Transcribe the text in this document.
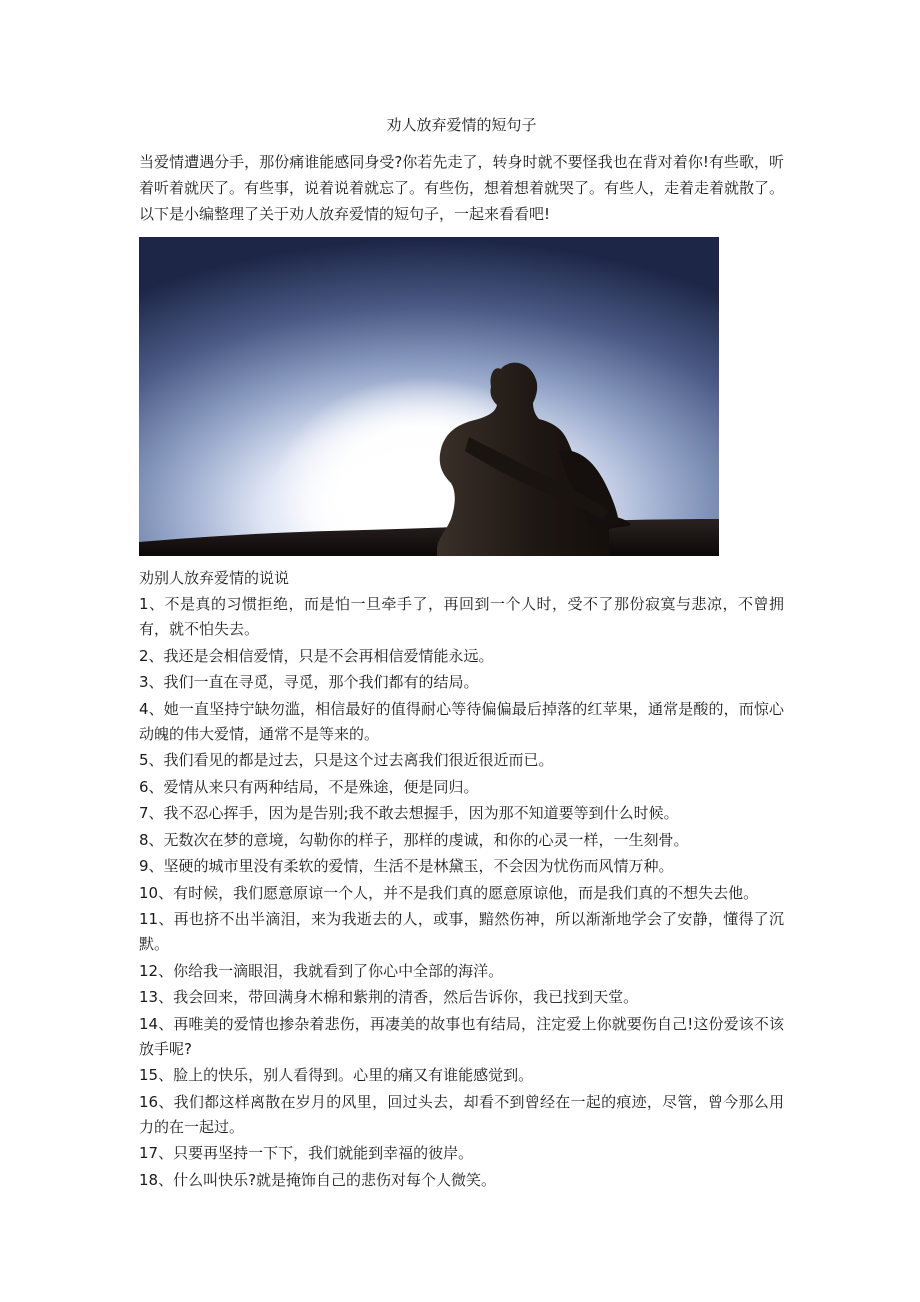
劝人放弃爱情的短句子

当爱情遭遇分手，那份痛谁能感同身受?你若先走了，转身时就不要怪我也在背对着你!有些歌，听着听着就厌了。有些事，说着说着就忘了。有些伤，想着想着就哭了。有些人，走着走着就散了。以下是小编整理了关于劝人放弃爱情的短句子，一起来看看吧!

劝别人放弃爱情的说说
1、不是真的习惯拒绝，而是怕一旦牵手了，再回到一个人时，受不了那份寂寞与悲凉，不曾拥有，就不怕失去。
2、我还是会相信爱情，只是不会再相信爱情能永远。
3、我们一直在寻觅，寻觅，那个我们都有的结局。
4、她一直坚持宁缺勿滥，相信最好的值得耐心等待偏偏最后掉落的红苹果，通常是酸的，而惊心动魄的伟大爱情，通常不是等来的。
5、我们看见的都是过去，只是这个过去离我们很近很近而已。
6、爱情从来只有两种结局，不是殊途，便是同归。
7、我不忍心挥手，因为是告别;我不敢去想握手，因为那不知道要等到什么时候。
8、无数次在梦的意境，勾勒你的样子，那样的虔诚，和你的心灵一样，一生刻骨。
9、坚硬的城市里没有柔软的爱情，生活不是林黛玉，不会因为忧伤而风情万种。
10、有时候，我们愿意原谅一个人，并不是我们真的愿意原谅他，而是我们真的不想失去他。
11、再也挤不出半滴泪，来为我逝去的人，或事，黯然伤神，所以渐渐地学会了安静，懂得了沉默。
12、你给我一滴眼泪，我就看到了你心中全部的海洋。
13、我会回来，带回满身木棉和紫荆的清香，然后告诉你，我已找到天堂。
14、再唯美的爱情也掺杂着悲伤，再凄美的故事也有结局，注定爱上你就要伤自己!这份爱该不该放手呢?
15、脸上的快乐，别人看得到。心里的痛又有谁能感觉到。
16、我们都这样离散在岁月的风里，回过头去，却看不到曾经在一起的痕迹，尽管，曾今那么用力的在一起过。
17、只要再坚持一下下，我们就能到幸福的彼岸。
18、什么叫快乐?就是掩饰自己的悲伤对每个人微笑。
